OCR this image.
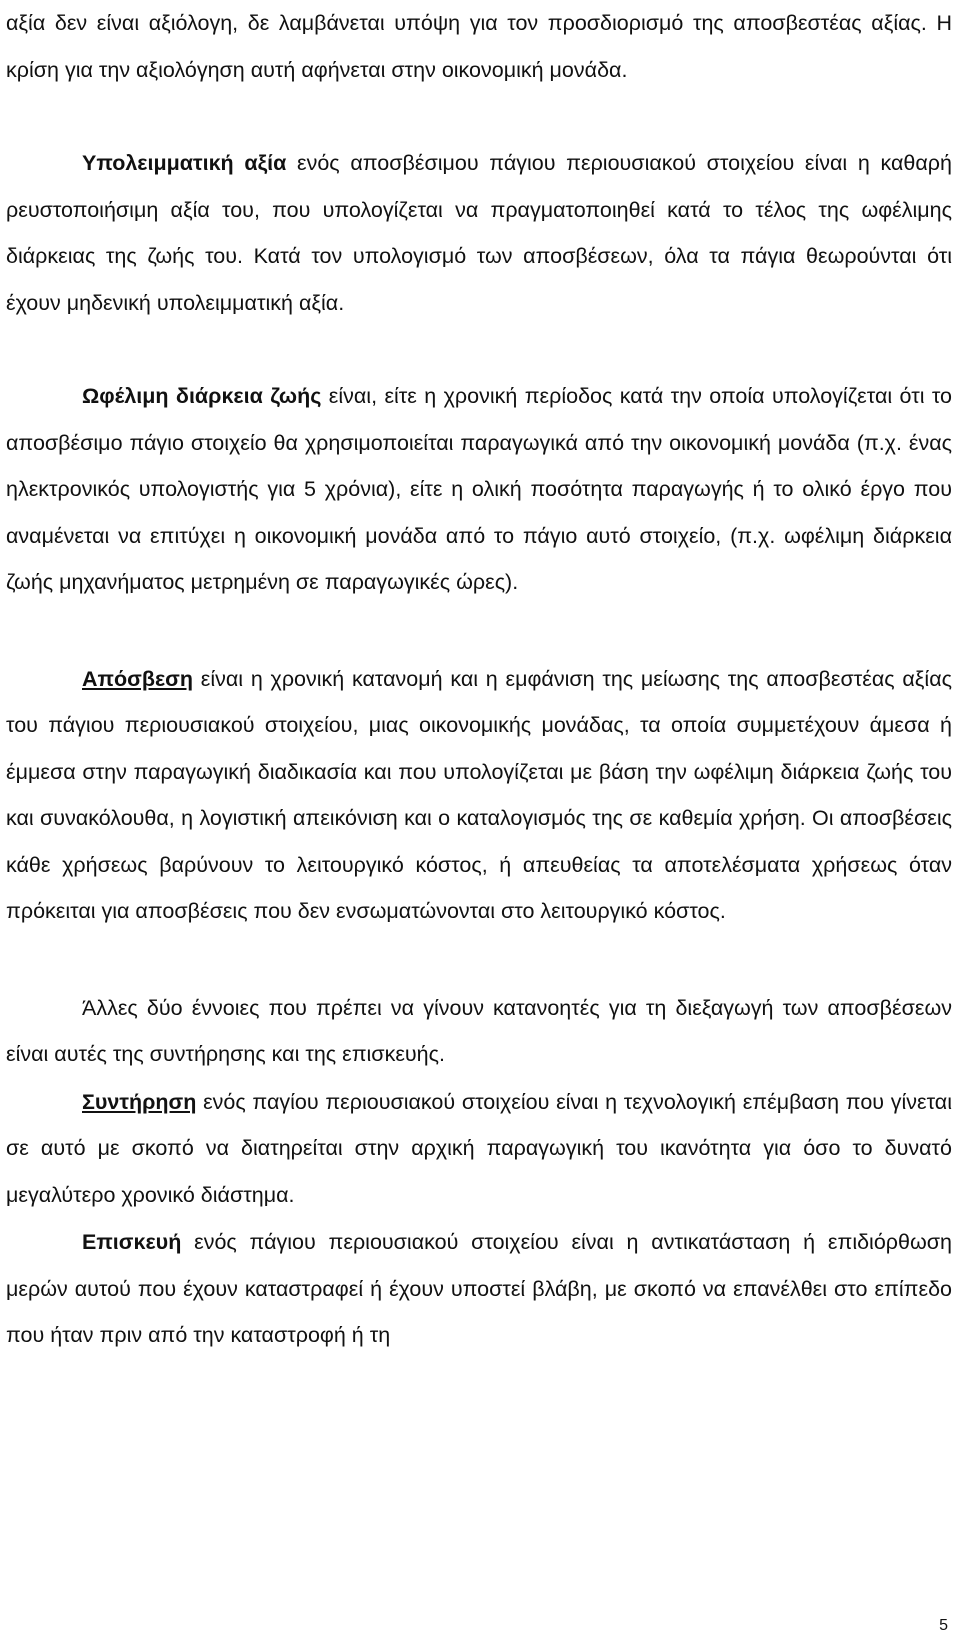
αξία δεν είναι αξιόλογη, δε λαμβάνεται υπόψη για τον προσδιορισμό της αποσβεστέας αξίας. Η κρίση για την αξιολόγηση αυτή αφήνεται στην οικονομική μονάδα.

Υπολειμματική αξία ενός αποσβέσιμου πάγιου περιουσιακού στοιχείου είναι η καθαρή ρευστοποιήσιμη αξία του, που υπολογίζεται να πραγματοποιηθεί κατά το τέλος της ωφέλιμης διάρκειας της ζωής του. Κατά τον υπολογισμό των αποσβέσεων, όλα τα πάγια θεωρούνται ότι έχουν μηδενική υπολειμματική αξία.

Ωφέλιμη διάρκεια ζωής είναι, είτε η χρονική περίοδος κατά την οποία υπολογίζεται ότι το αποσβέσιμο πάγιο στοιχείο θα χρησιμοποιείται παραγωγικά από την οικονομική μονάδα (π.χ. ένας ηλεκτρονικός υπολογιστής για 5 χρόνια), είτε η ολική ποσότητα παραγωγής ή το ολικό έργο που αναμένεται να επιτύχει η οικονομική μονάδα από το πάγιο αυτό στοιχείο, (π.χ. ωφέλιμη διάρκεια ζωής μηχανήματος μετρημένη σε παραγωγικές ώρες).

Απόσβεση είναι η χρονική κατανομή και η εμφάνιση της μείωσης της αποσβεστέας αξίας του πάγιου περιουσιακού στοιχείου, μιας οικονομικής μονάδας, τα οποία συμμετέχουν άμεσα ή έμμεσα στην παραγωγική διαδικασία και που υπολογίζεται με βάση την ωφέλιμη διάρκεια ζωής του και συνακόλουθα, η λογιστική απεικόνιση και ο καταλογισμός της σε καθεμία χρήση. Οι αποσβέσεις κάθε χρήσεως βαρύνουν το λειτουργικό κόστος, ή απευθείας τα αποτελέσματα χρήσεως όταν πρόκειται για αποσβέσεις που δεν ενσωματώνονται στο λειτουργικό κόστος.

Άλλες δύο έννοιες που πρέπει να γίνουν κατανοητές για τη διεξαγωγή των αποσβέσεων είναι αυτές της συντήρησης και της επισκευής.

Συντήρηση ενός παγίου περιουσιακού στοιχείου είναι η τεχνολογική επέμβαση που γίνεται σε αυτό με σκοπό να διατηρείται στην αρχική παραγωγική του ικανότητα για όσο το δυνατό μεγαλύτερο χρονικό διάστημα.

Επισκευή ενός πάγιου περιουσιακού στοιχείου είναι η αντικατάσταση ή επιδιόρθωση μερών αυτού που έχουν καταστραφεί ή έχουν υποστεί βλάβη, με σκοπό να επανέλθει στο επίπεδο που ήταν πριν από την καταστροφή ή τη

5
